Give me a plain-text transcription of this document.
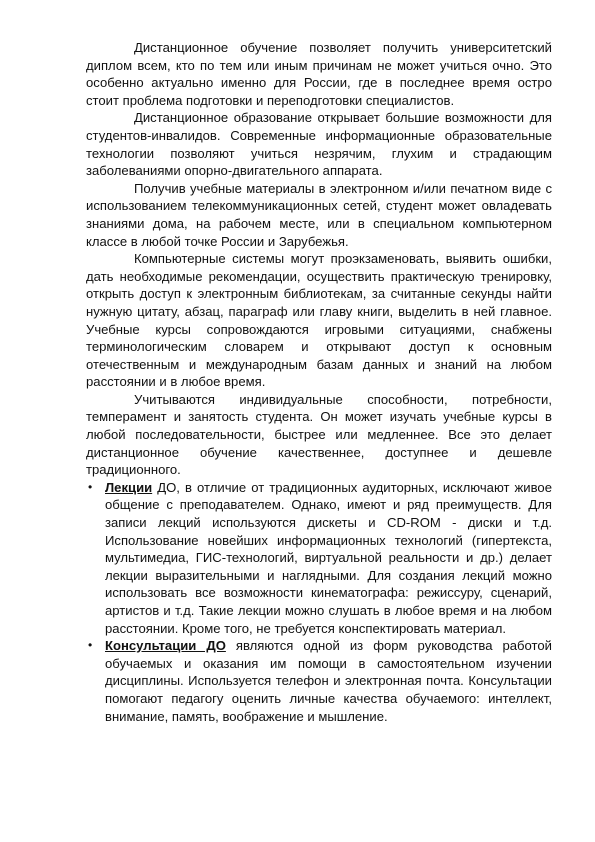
Дистанционное обучение позволяет получить университетский диплом всем, кто по тем или иным причинам не может учиться очно. Это особенно актуально именно для России, где в последнее время остро стоит проблема подготовки и переподготовки специалистов.

Дистанционное образование открывает большие возможности для студентов-инвалидов. Современные информационные образовательные технологии позволяют учиться незрячим, глухим и страдающим заболеваниями опорно-двигательного аппарата.

Получив учебные материалы в электронном и/или печатном виде с использованием телекоммуникационных сетей, студент может овладевать знаниями дома, на рабочем месте, или в специальном компьютерном классе в любой точке России и Зарубежья.

Компьютерные системы могут проэкзаменовать, выявить ошибки, дать необходимые рекомендации, осуществить практическую тренировку, открыть доступ к электронным библиотекам, за считанные секунды найти нужную цитату, абзац, параграф или главу книги, выделить в ней главное. Учебные курсы сопровождаются игровыми ситуациями, снабжены терминологическим словарем и открывают доступ к основным отечественным и международным базам данных и знаний на любом расстоянии и в любое время.

Учитываются индивидуальные способности, потребности, темперамент и занятость студента. Он может изучать учебные курсы в любой последовательности, быстрее или медленнее. Все это делает дистанционное обучение качественнее, доступнее и дешевле традиционного.

• Лекции ДО, в отличие от традиционных аудиторных, исключают живое общение с преподавателем. Однако, имеют и ряд преимуществ. Для записи лекций используются дискеты и CD-ROM - диски и т.д. Использование новейших информационных технологий (гипертекста, мультимедиа, ГИС-технологий, виртуальной реальности и др.) делает лекции выразительными и наглядными. Для создания лекций можно использовать все возможности кинематографа: режиссуру, сценарий, артистов и т.д. Такие лекции можно слушать в любое время и на любом расстоянии. Кроме того, не требуется конспектировать материал.
• Консультации ДО являются одной из форм руководства работой обучаемых и оказания им помощи в самостоятельном изучении дисциплины. Используется телефон и электронная почта. Консультации помогают педагогу оценить личные качества обучаемого: интеллект, внимание, память, воображение и мышление.
